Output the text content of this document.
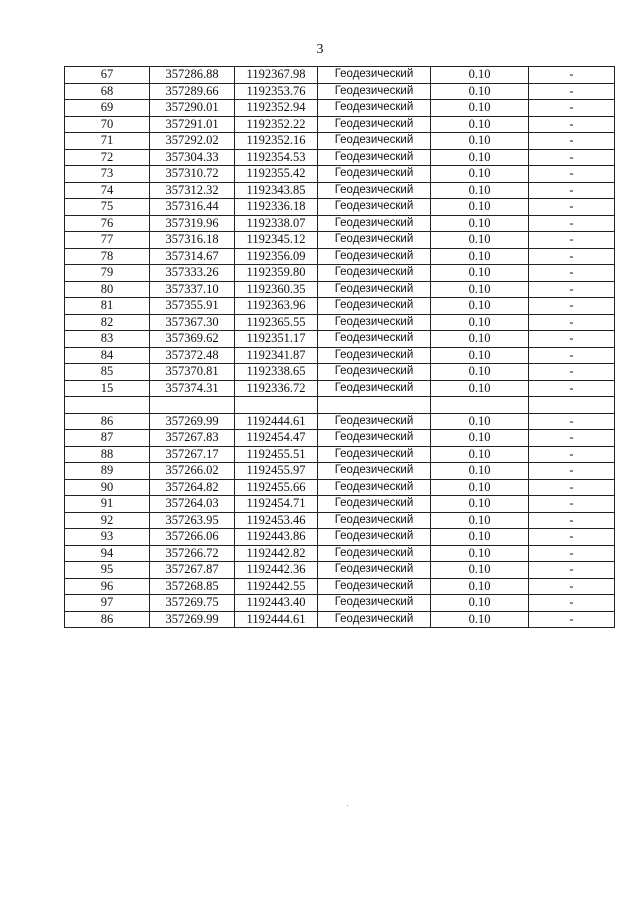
3
67	357286.88	1192367.98	Геодезический	0.10	-
68	357289.66	1192353.76	Геодезический	0.10	-
69	357290.01	1192352.94	Геодезический	0.10	-
70	357291.01	1192352.22	Геодезический	0.10	-
71	357292.02	1192352.16	Геодезический	0.10	-
72	357304.33	1192354.53	Геодезический	0.10	-
73	357310.72	1192355.42	Геодезический	0.10	-
74	357312.32	1192343.85	Геодезический	0.10	-
75	357316.44	1192336.18	Геодезический	0.10	-
76	357319.96	1192338.07	Геодезический	0.10	-
77	357316.18	1192345.12	Геодезический	0.10	-
78	357314.67	1192356.09	Геодезический	0.10	-
79	357333.26	1192359.80	Геодезический	0.10	-
80	357337.10	1192360.35	Геодезический	0.10	-
81	357355.91	1192363.96	Геодезический	0.10	-
82	357367.30	1192365.55	Геодезический	0.10	-
83	357369.62	1192351.17	Геодезический	0.10	-
84	357372.48	1192341.87	Геодезический	0.10	-
85	357370.81	1192338.65	Геодезический	0.10	-
15	357374.31	1192336.72	Геодезический	0.10	-

86	357269.99	1192444.61	Геодезический	0.10	-
87	357267.83	1192454.47	Геодезический	0.10	-
88	357267.17	1192455.51	Геодезический	0.10	-
89	357266.02	1192455.97	Геодезический	0.10	-
90	357264.82	1192455.66	Геодезический	0.10	-
91	357264.03	1192454.71	Геодезический	0.10	-
92	357263.95	1192453.46	Геодезический	0.10	-
93	357266.06	1192443.86	Геодезический	0.10	-
94	357266.72	1192442.82	Геодезический	0.10	-
95	357267.87	1192442.36	Геодезический	0.10	-
96	357268.85	1192442.55	Геодезический	0.10	-
97	357269.75	1192443.40	Геодезический	0.10	-
86	357269.99	1192444.61	Геодезический	0.10	-
